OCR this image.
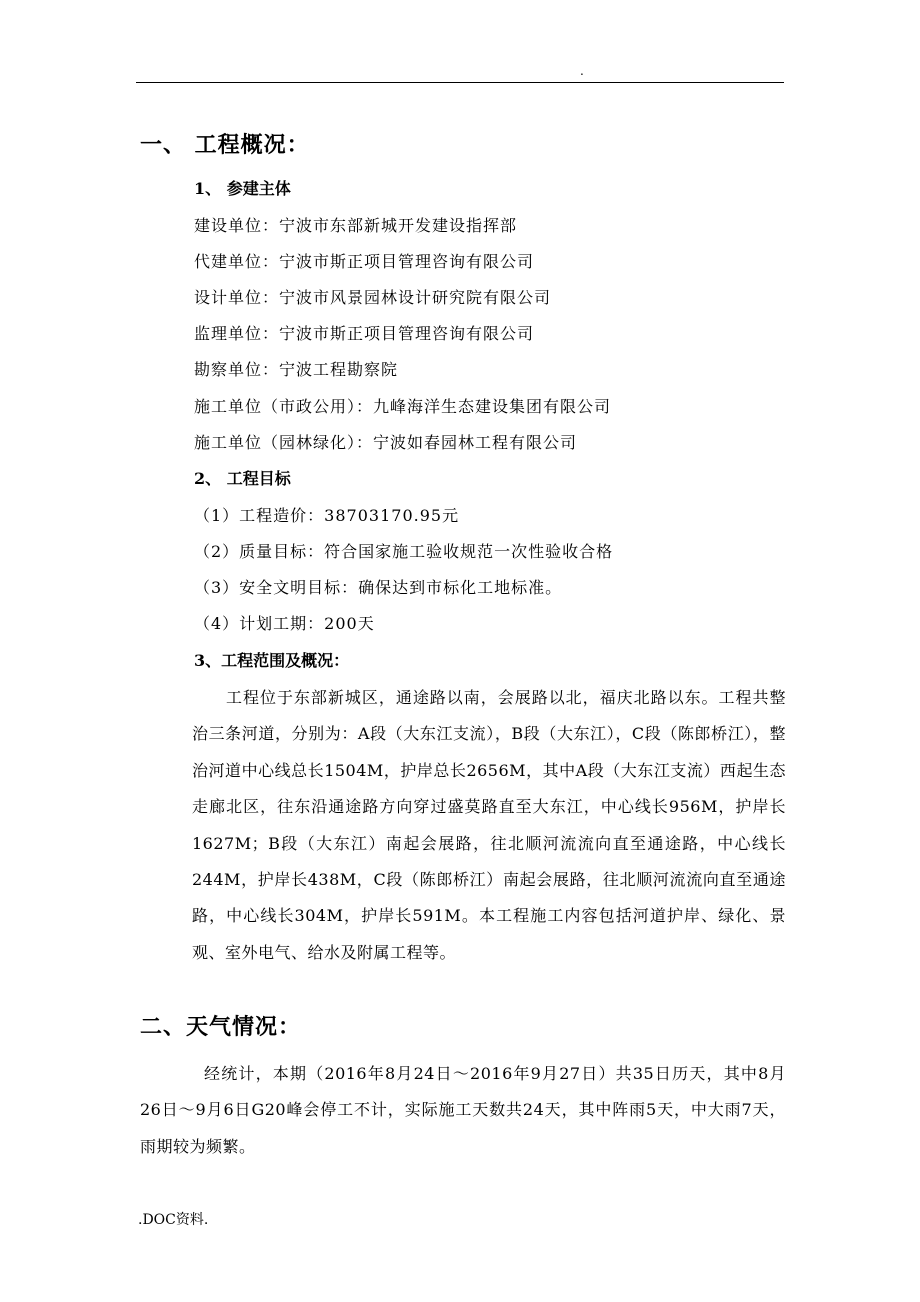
.
一、 工程概况：
1、 参建主体
建设单位：宁波市东部新城开发建设指挥部
代建单位：宁波市斯正项目管理咨询有限公司
设计单位：宁波市风景园林设计研究院有限公司
监理单位：宁波市斯正项目管理咨询有限公司
勘察单位：宁波工程勘察院
施工单位（市政公用）：九峰海洋生态建设集团有限公司
施工单位（园林绿化）：宁波如春园林工程有限公司
2、 工程目标
（1）工程造价：38703170.95元
（2）质量目标：符合国家施工验收规范一次性验收合格
（3）安全文明目标：确保达到市标化工地标准。
（4）计划工期：200天
3、工程范围及概况：
工程位于东部新城区，通途路以南，会展路以北，福庆北路以东。工程共整治三条河道，分别为：A段（大东江支流），B段（大东江），C段（陈郎桥江），整治河道中心线总长1504M，护岸总长2656M，其中A段（大东江支流）西起生态走廊北区，往东沿通途路方向穿过盛莫路直至大东江，中心线长956M，护岸长1627M；B段（大东江）南起会展路，往北顺河流流向直至通途路，中心线长244M，护岸长438M，C段（陈郎桥江）南起会展路，往北顺河流流向直至通途路，中心线长304M，护岸长591M。本工程施工内容包括河道护岸、绿化、景观、室外电气、给水及附属工程等。
二、天气情况：
经统计，本期（2016年8月24日～2016年9月27日）共35日历天，其中8月26日～9月6日G20峰会停工不计，实际施工天数共24天，其中阵雨5天，中大雨7天，雨期较为频繁。
.DOC资料.
